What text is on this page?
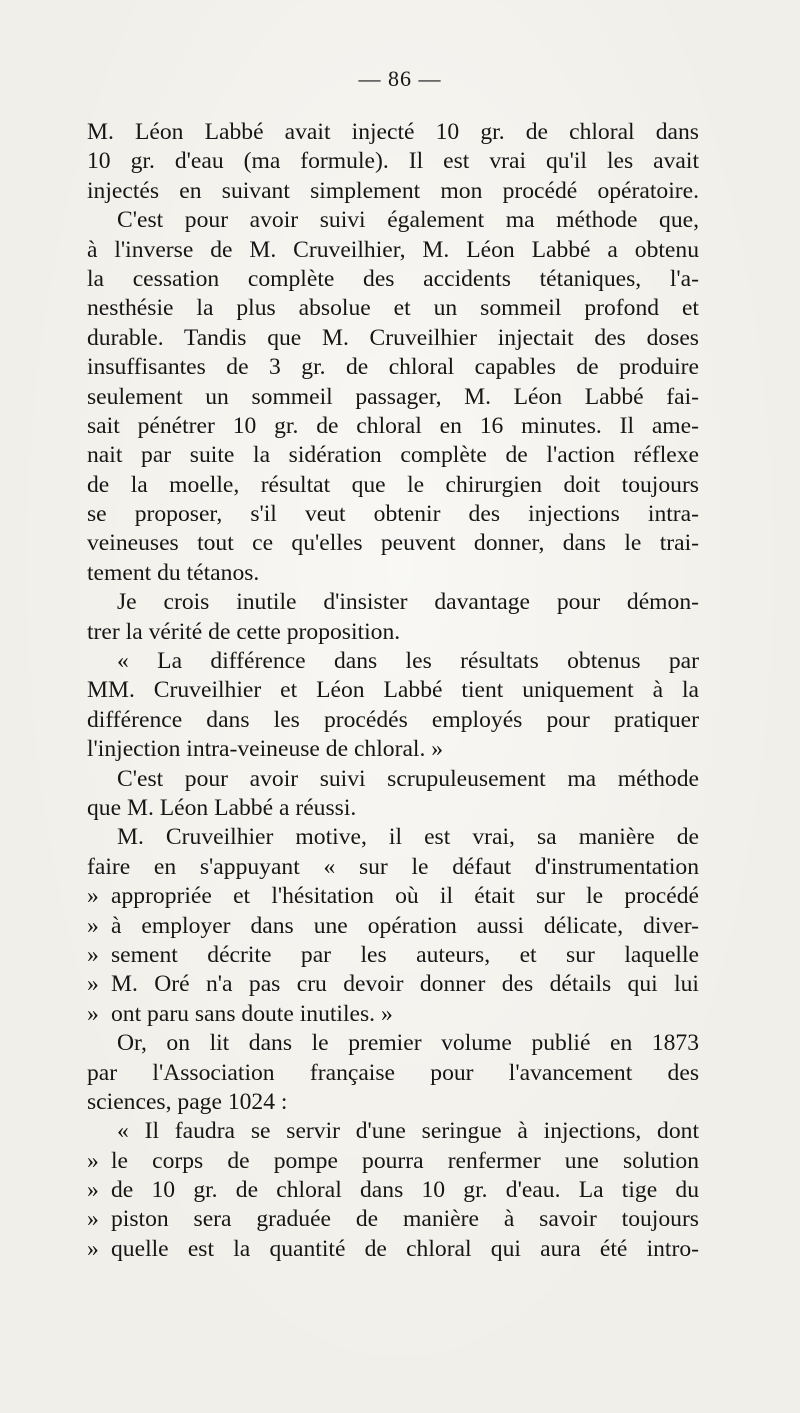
— 86 —
M. Léon Labbé avait injecté 10 gr. de chloral dans
10 gr. d'eau (ma formule). Il est vrai qu'il les avait
injectés en suivant simplement mon procédé opératoire.
C'est pour avoir suivi également ma méthode que,
à l'inverse de M. Cruveilhier, M. Léon Labbé a obtenu
la cessation complète des accidents tétaniques, l'a-
nesthésie la plus absolue et un sommeil profond et
durable. Tandis que M. Cruveilhier injectait des doses
insuffisantes de 3 gr. de chloral capables de produire
seulement un sommeil passager, M. Léon Labbé fai-
sait pénétrer 10 gr. de chloral en 16 minutes. Il ame-
nait par suite la sidération complète de l'action réflexe
de la moelle, résultat que le chirurgien doit toujours
se proposer, s'il veut obtenir des injections intra-
veineuses tout ce qu'elles peuvent donner, dans le trai-
tement du tétanos.
Je crois inutile d'insister davantage pour démon-
trer la vérité de cette proposition.
« La différence dans les résultats obtenus par
MM. Cruveilhier et Léon Labbé tient uniquement à la
différence dans les procédés employés pour pratiquer
l'injection intra-veineuse de chloral. »
C'est pour avoir suivi scrupuleusement ma méthode
que M. Léon Labbé a réussi.
M. Cruveilhier motive, il est vrai, sa manière de
faire en s'appuyant « sur le défaut d'instrumentation
» appropriée et l'hésitation où il était sur le procédé
» à employer dans une opération aussi délicate, diver-
» sement décrite par les auteurs, et sur laquelle
» M. Oré n'a pas cru devoir donner des détails qui lui
» ont paru sans doute inutiles. »
Or, on lit dans le premier volume publié en 1873
par l'Association française pour l'avancement des
sciences, page 1024 :
« Il faudra se servir d'une seringue à injections, dont
» le corps de pompe pourra renfermer une solution
» de 10 gr. de chloral dans 10 gr. d'eau. La tige du
» piston sera graduée de manière à savoir toujours
» quelle est la quantité de chloral qui aura été intro-
